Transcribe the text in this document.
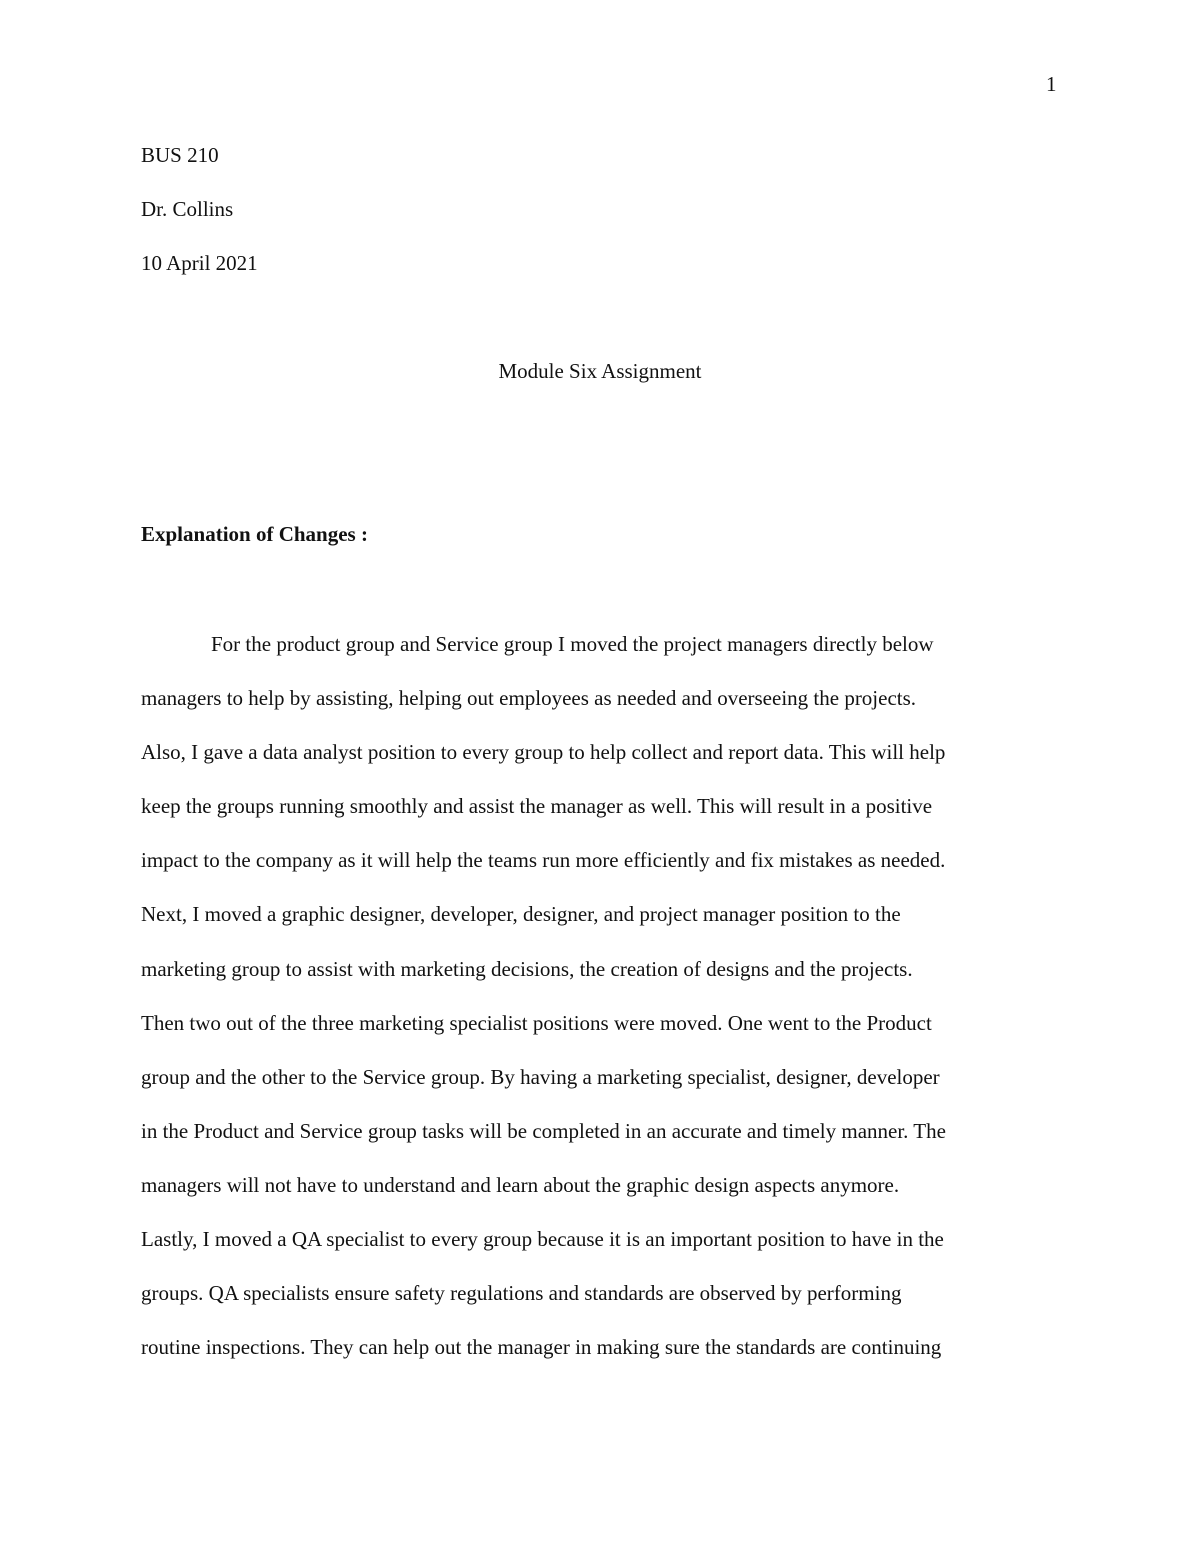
1
BUS 210
Dr. Collins
10 April 2021
Module Six Assignment
Explanation of Changes :
For the product group and Service group I moved the project managers directly below
managers to help by assisting, helping out employees as needed and overseeing the projects.
Also, I gave a data analyst position to every group to help collect and report data. This will help
keep the groups running smoothly and assist the manager as well. This will result in a positive
impact to the company as it will help the teams run more efficiently and fix mistakes as needed.
Next, I moved a graphic designer, developer, designer, and project manager position to the
marketing group to assist with marketing decisions, the creation of designs and the projects.
Then two out of the three marketing specialist positions were moved. One went to the Product
group and the other to the Service group. By having a marketing specialist, designer, developer
in the Product and Service group tasks will be completed in an accurate and timely manner. The
managers will not have to understand and learn about the graphic design aspects anymore.
Lastly, I moved a QA specialist to every group because it is an important position to have in the
groups. QA specialists ensure safety regulations and standards are observed by performing
routine inspections. They can help out the manager in making sure the standards are continuing
